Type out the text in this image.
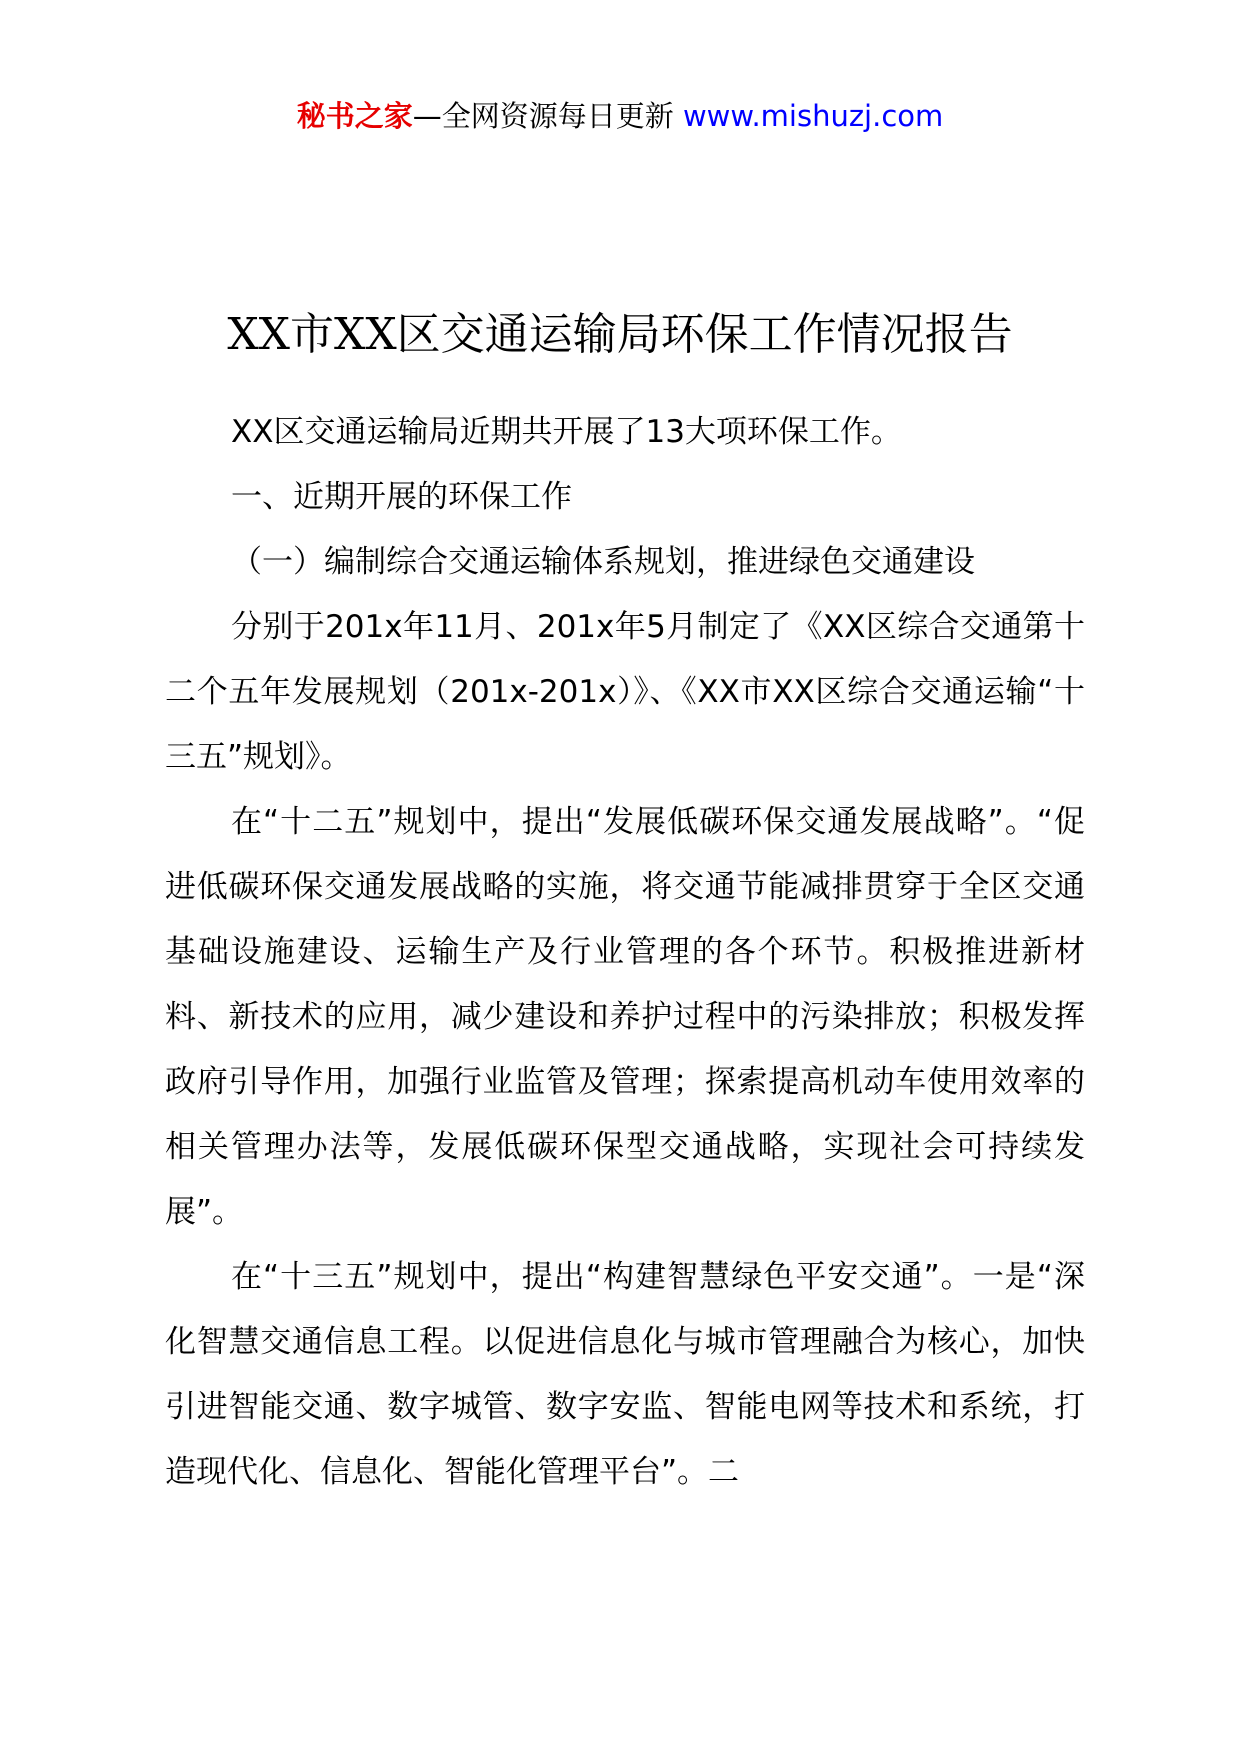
秘书之家—全网资源每日更新 www.mishuzj.com
XX市XX区交通运输局环保工作情况报告

XX区交通运输局近期共开展了13大项环保工作。

一、近期开展的环保工作

（一）编制综合交通运输体系规划，推进绿色交通建设

分别于201x年11月、201x年5月制定了《XX区综合交通第十二个五年发展规划（201x-201x）》、《XX市XX区综合交通运输“十三五”规划》。

在“十二五”规划中，提出“发展低碳环保交通发展战略”。“促进低碳环保交通发展战略的实施，将交通节能减排贯穿于全区交通基础设施建设、运输生产及行业管理的各个环节。积极推进新材料、新技术的应用，减少建设和养护过程中的污染排放；积极发挥政府引导作用，加强行业监管及管理；探索提高机动车使用效率的相关管理办法等，发展低碳环保型交通战略，实现社会可持续发展”。

在“十三五”规划中，提出“构建智慧绿色平安交通”。一是“深化智慧交通信息工程。以促进信息化与城市管理融合为核心，加快引进智能交通、数字城管、数字安监、智能电网等技术和系统，打造现代化、信息化、智能化管理平台”。二
